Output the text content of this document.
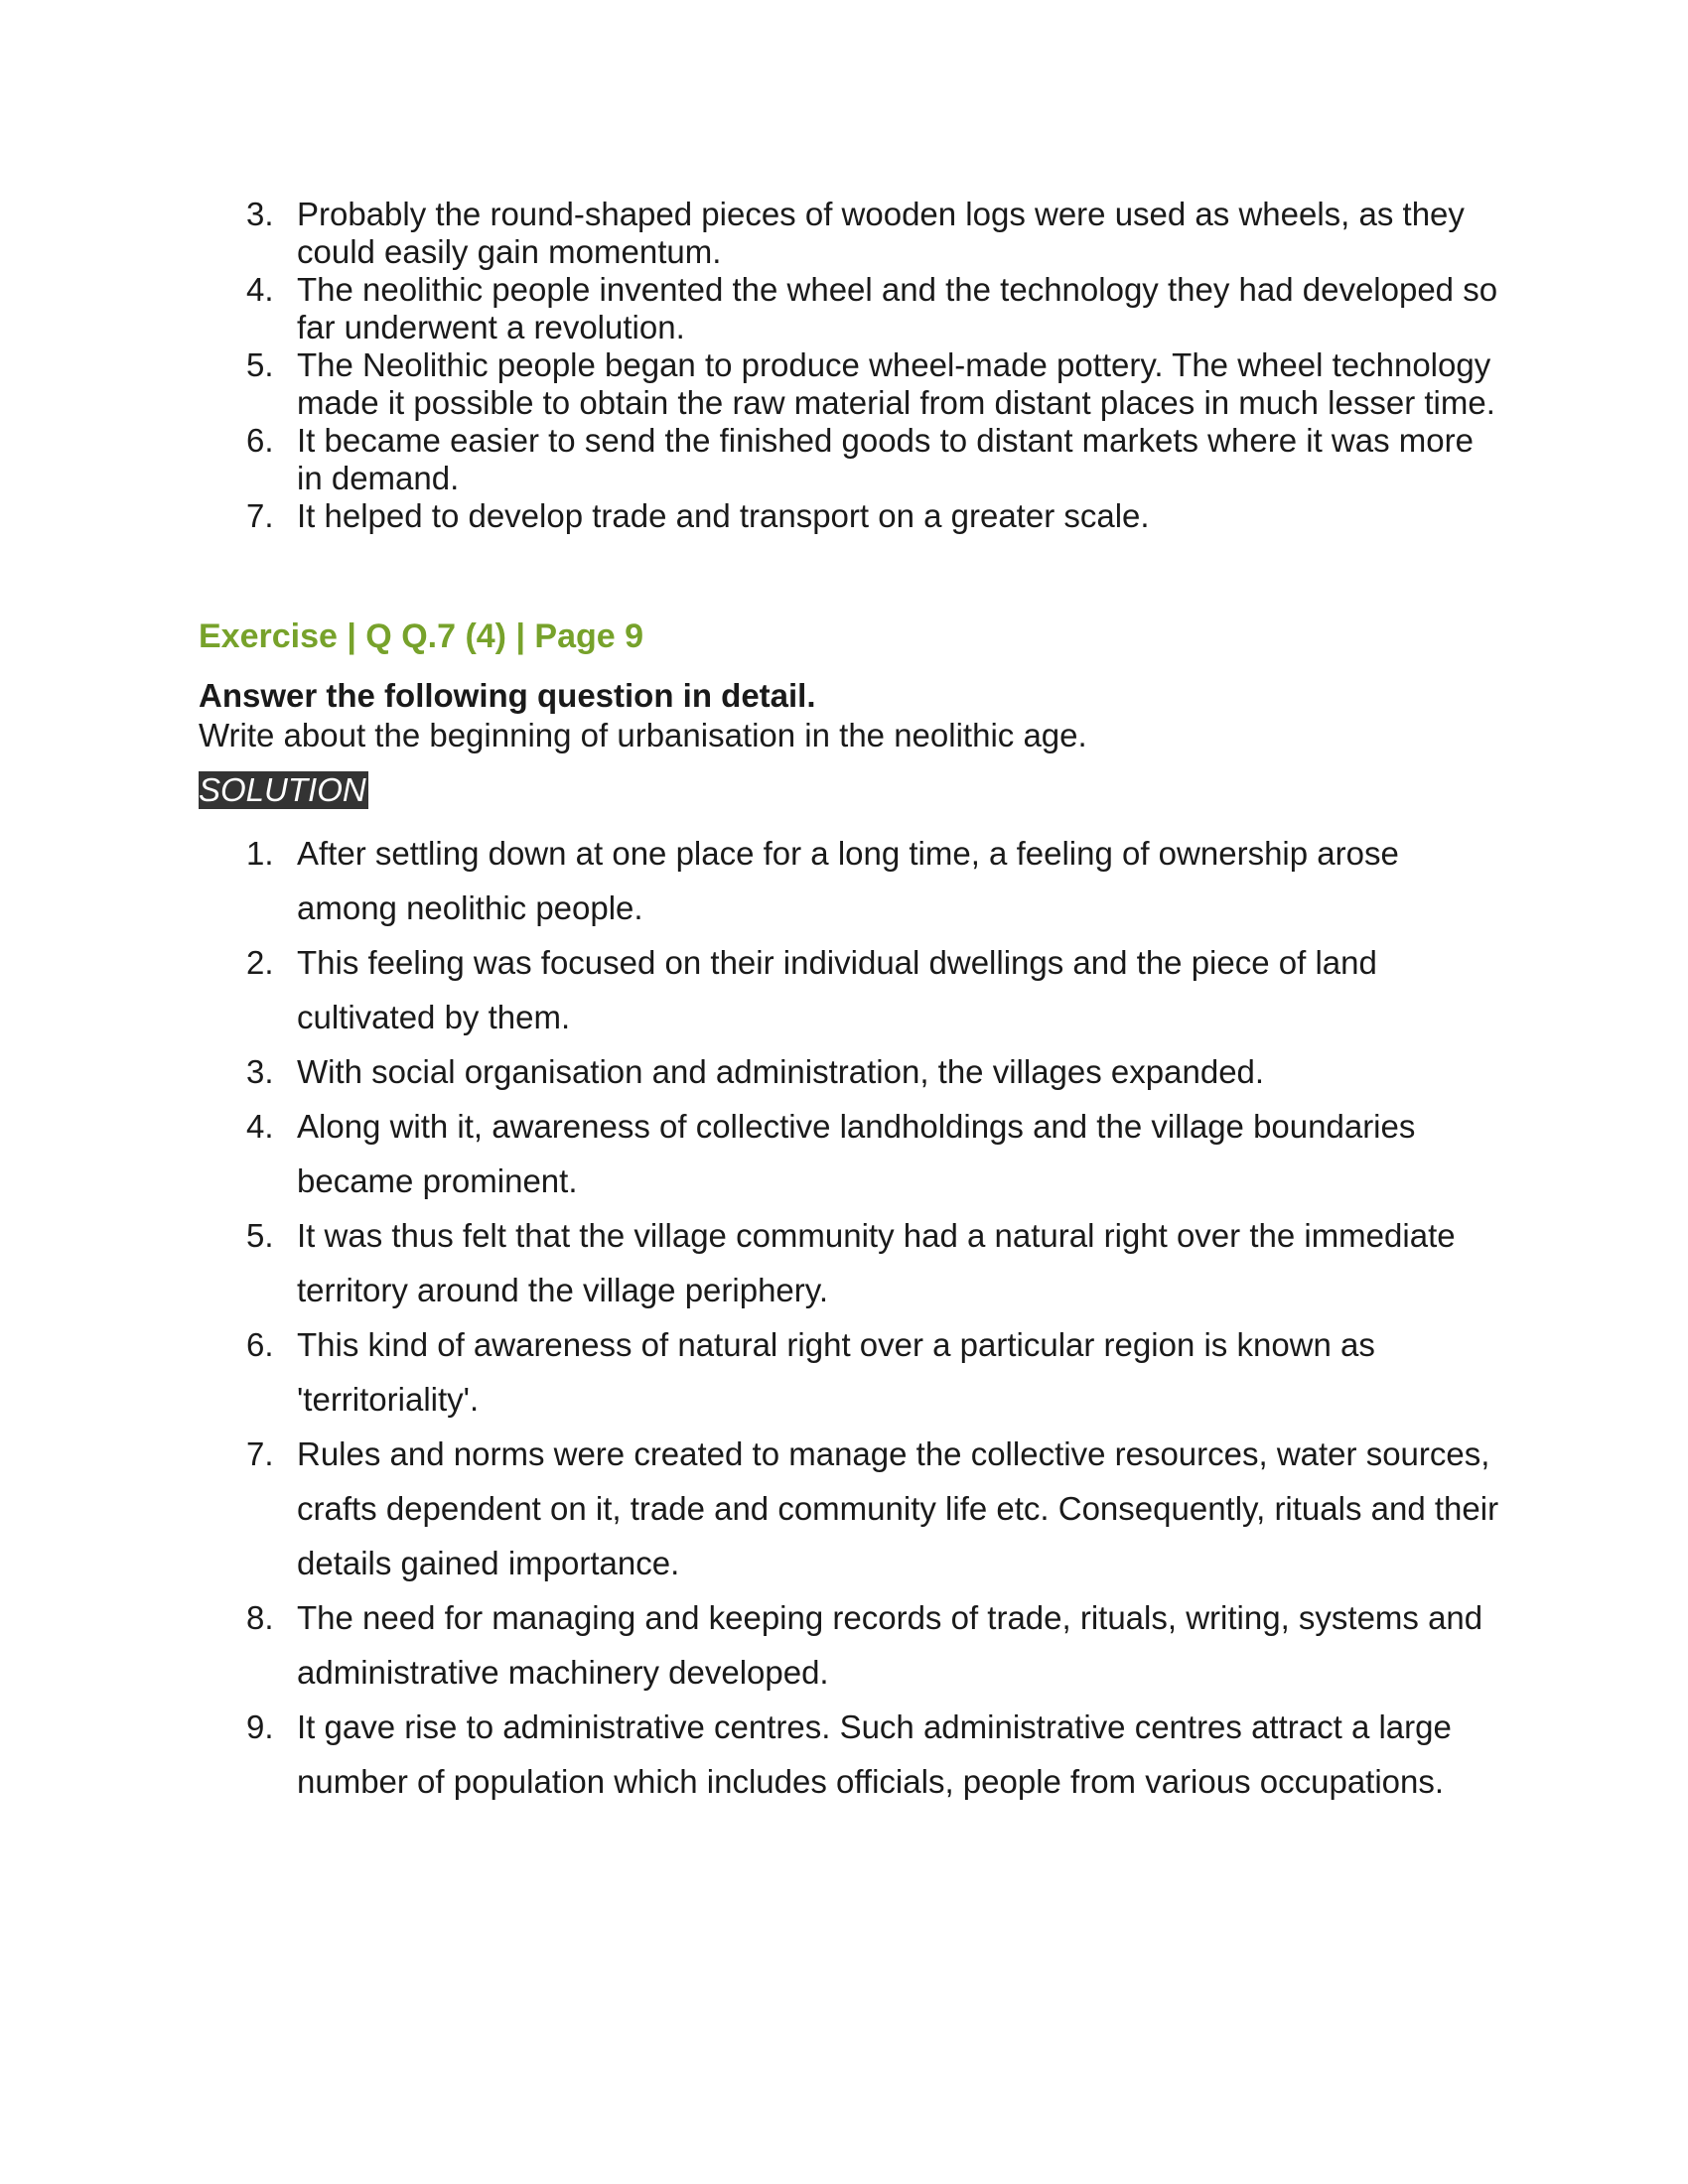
3. Probably the round-shaped pieces of wooden logs were used as wheels, as they could easily gain momentum.
4. The neolithic people invented the wheel and the technology they had developed so far underwent a revolution.
5. The Neolithic people began to produce wheel-made pottery. The wheel technology made it possible to obtain the raw material from distant places in much lesser time.
6. It became easier to send the finished goods to distant markets where it was more in demand.
7. It helped to develop trade and transport on a greater scale.
Exercise | Q Q.7 (4) | Page 9
Answer the following question in detail.
Write about the beginning of urbanisation in the neolithic age.
SOLUTION
1. After settling down at one place for a long time, a feeling of ownership arose among neolithic people.
2. This feeling was focused on their individual dwellings and the piece of land cultivated by them.
3. With social organisation and administration, the villages expanded.
4. Along with it, awareness of collective landholdings and the village boundaries became prominent.
5. It was thus felt that the village community had a natural right over the immediate territory around the village periphery.
6. This kind of awareness of natural right over a particular region is known as 'territoriality'.
7. Rules and norms were created to manage the collective resources, water sources, crafts dependent on it, trade and community life etc. Consequently, rituals and their details gained importance.
8. The need for managing and keeping records of trade, rituals, writing, systems and administrative machinery developed.
9. It gave rise to administrative centres. Such administrative centres attract a large number of population which includes officials, people from various occupations.
